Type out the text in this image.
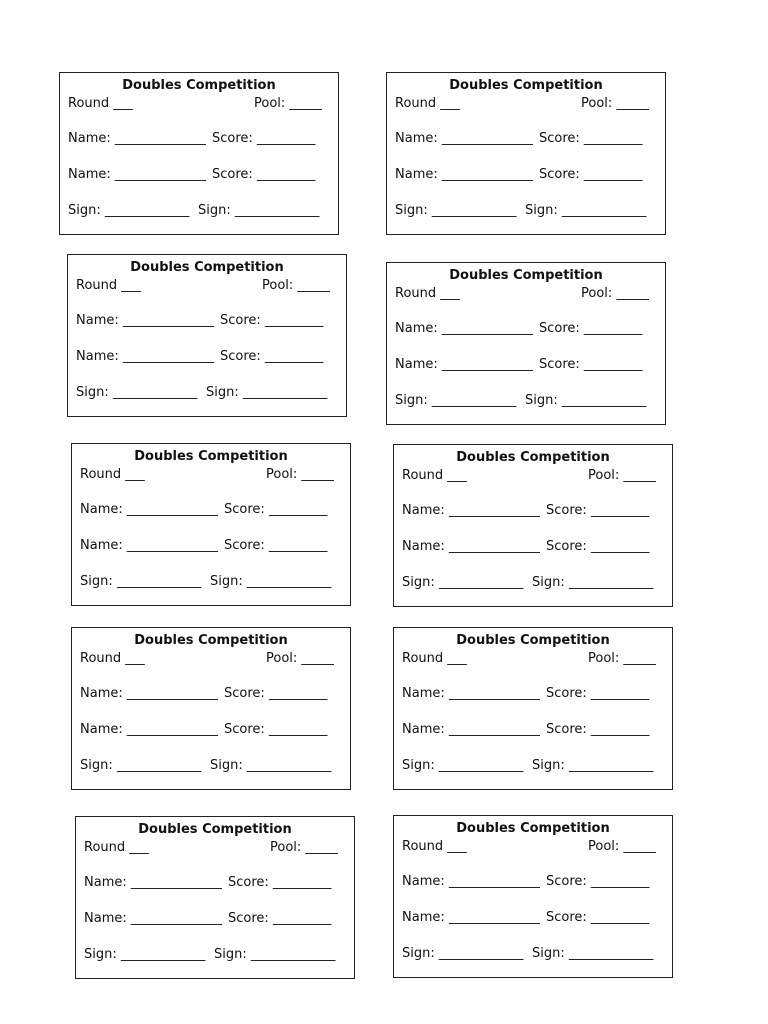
Doubles Competition
Round ___	Pool: _____
Name: ______________ Score: _________
Name: ______________ Score: _________
Sign: _____________ Sign: _____________
Doubles Competition
Round ___	Pool: _____
Name: ______________ Score: _________
Name: ______________ Score: _________
Sign: _____________ Sign: _____________
Doubles Competition
Round ___	Pool: _____
Name: ______________ Score: _________
Name: ______________ Score: _________
Sign: _____________ Sign: _____________
Doubles Competition
Round ___	Pool: _____
Name: ______________ Score: _________
Name: ______________ Score: _________
Sign: _____________ Sign: _____________
Doubles Competition
Round ___	Pool: _____
Name: ______________ Score: _________
Name: ______________ Score: _________
Sign: _____________ Sign: _____________
Doubles Competition
Round ___	Pool: _____
Name: ______________ Score: _________
Name: ______________ Score: _________
Sign: _____________ Sign: _____________
Doubles Competition
Round ___	Pool: _____
Name: ______________ Score: _________
Name: ______________ Score: _________
Sign: _____________ Sign: _____________
Doubles Competition
Round ___	Pool: _____
Name: ______________ Score: _________
Name: ______________ Score: _________
Sign: _____________ Sign: _____________
Doubles Competition
Round ___	Pool: _____
Name: ______________ Score: _________
Name: ______________ Score: _________
Sign: _____________ Sign: _____________
Doubles Competition
Round ___	Pool: _____
Name: ______________ Score: _________
Name: ______________ Score: _________
Sign: _____________ Sign: _____________
